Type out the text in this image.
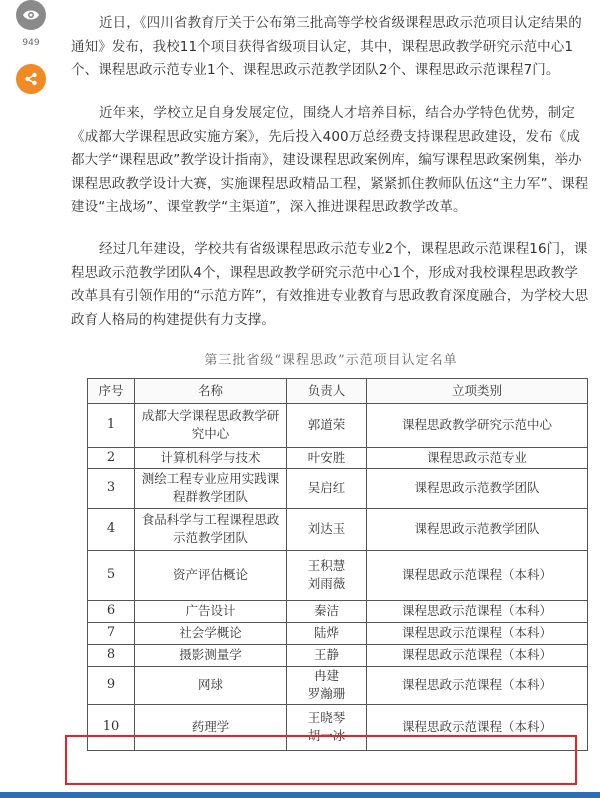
949

近日，《四川省教育厅关于公布第三批高等学校省级课程思政示范项目认定结果的通知》发布，我校11个项目获得省级项目认定，其中，课程思政教学研究示范中心1个、课程思政示范专业1个、课程思政示范教学团队2个、课程思政示范课程7门。

近年来，学校立足自身发展定位，围绕人才培养目标，结合办学特色优势，制定《成都大学课程思政实施方案》，先后投入400万总经费支持课程思政建设，发布《成都大学“课程思政”教学设计指南》，建设课程思政案例库，编写课程思政案例集，举办课程思政教学设计大赛，实施课程思政精品工程，紧紧抓住教师队伍这“主力军”、课程建设“主战场”、课堂教学“主渠道”，深入推进课程思政教学改革。

经过几年建设，学校共有省级课程思政示范专业2个，课程思政示范课程16门，课程思政示范教学团队4个，课程思政教学研究示范中心1个，形成对我校课程思政教学改革具有引领作用的“示范方阵”，有效推进专业教育与思政教育深度融合，为学校大思政育人格局的构建提供有力支撑。

第三批省级“课程思政”示范项目认定名单
序号	名称	负责人	立项类别
1	成都大学课程思政教学研究中心	郭道荣	课程思政教学研究示范中心
2	计算机科学与技术	叶安胜	课程思政示范专业
3	测绘工程专业应用实践课程群教学团队	吴启红	课程思政示范教学团队
4	食品科学与工程课程思政示范教学团队	刘达玉	课程思政示范教学团队
5	资产评估概论	王积慧
刘雨薇	课程思政示范课程（本科）
6	广告设计	秦洁	课程思政示范课程（本科）
7	社会学概论	陆烨	课程思政示范课程（本科）
8	摄影测量学	王静	课程思政示范课程（本科）
9	网球	冉建
罗瀚珊	课程思政示范课程（本科）
10	药理学	王晓琴
胡一冰	课程思政示范课程（本科）
